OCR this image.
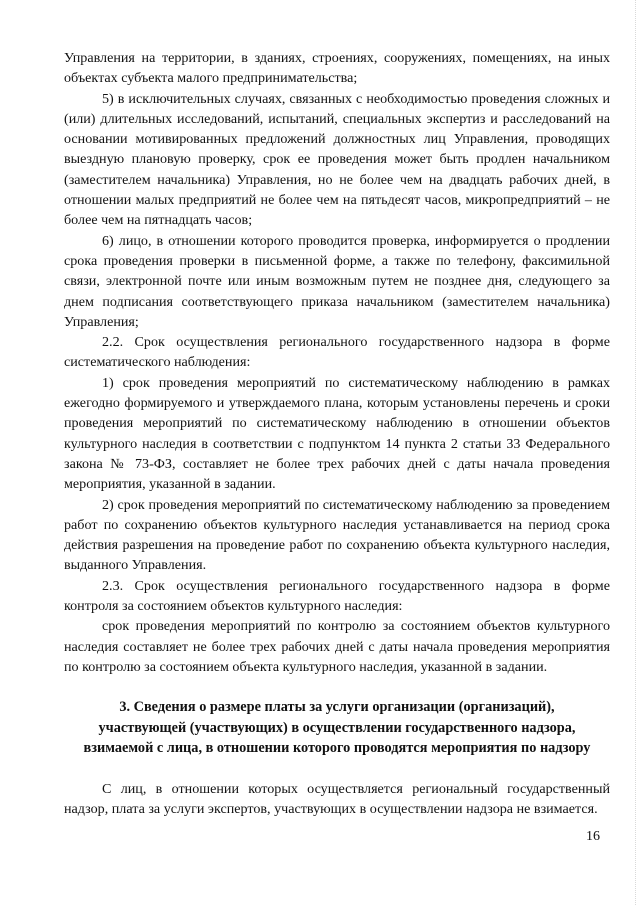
Управления на территории, в зданиях, строениях, сооружениях, помещениях, на иных объектах субъекта малого предпринимательства;

5) в исключительных случаях, связанных с необходимостью проведения сложных и (или) длительных исследований, испытаний, специальных экспертиз и расследований на основании мотивированных предложений должностных лиц Управления, проводящих выездную плановую проверку, срок ее проведения может быть продлен начальником (заместителем начальника) Управления, но не более чем на двадцать рабочих дней, в отношении малых предприятий не более чем на пятьдесят часов, микропредприятий – не более чем на пятнадцать часов;

6) лицо, в отношении которого проводится проверка, информируется о продлении срока проведения проверки в письменной форме, а также по телефону, факсимильной связи, электронной почте или иным возможным путем не позднее дня, следующего за днем подписания соответствующего приказа начальником (заместителем начальника) Управления;

2.2. Срок осуществления регионального государственного надзора в форме систематического наблюдения:

1) срок проведения мероприятий по систематическому наблюдению в рамках ежегодно формируемого и утверждаемого плана, которым установлены перечень и сроки проведения мероприятий по систематическому наблюдению в отношении объектов культурного наследия в соответствии с подпунктом 14 пункта 2 статьи 33 Федерального закона № 73-ФЗ, составляет не более трех рабочих дней с даты начала проведения мероприятия, указанной в задании.

2) срок проведения мероприятий по систематическому наблюдению за проведением работ по сохранению объектов культурного наследия устанавливается на период срока действия разрешения на проведение работ по сохранению объекта культурного наследия, выданного Управления.

2.3. Срок осуществления регионального государственного надзора в форме контроля за состоянием объектов культурного наследия:

срок проведения мероприятий по контролю за состоянием объектов культурного наследия составляет не более трех рабочих дней с даты начала проведения мероприятия по контролю за состоянием объекта культурного наследия, указанной в задании.

3. Сведения о размере платы за услуги организации (организаций),
участвующей (участвующих) в осуществлении государственного надзора,
взимаемой с лица, в отношении которого проводятся мероприятия по надзору

С лиц, в отношении которых осуществляется региональный государственный надзор, плата за услуги экспертов, участвующих в осуществлении надзора не взимается.

16
